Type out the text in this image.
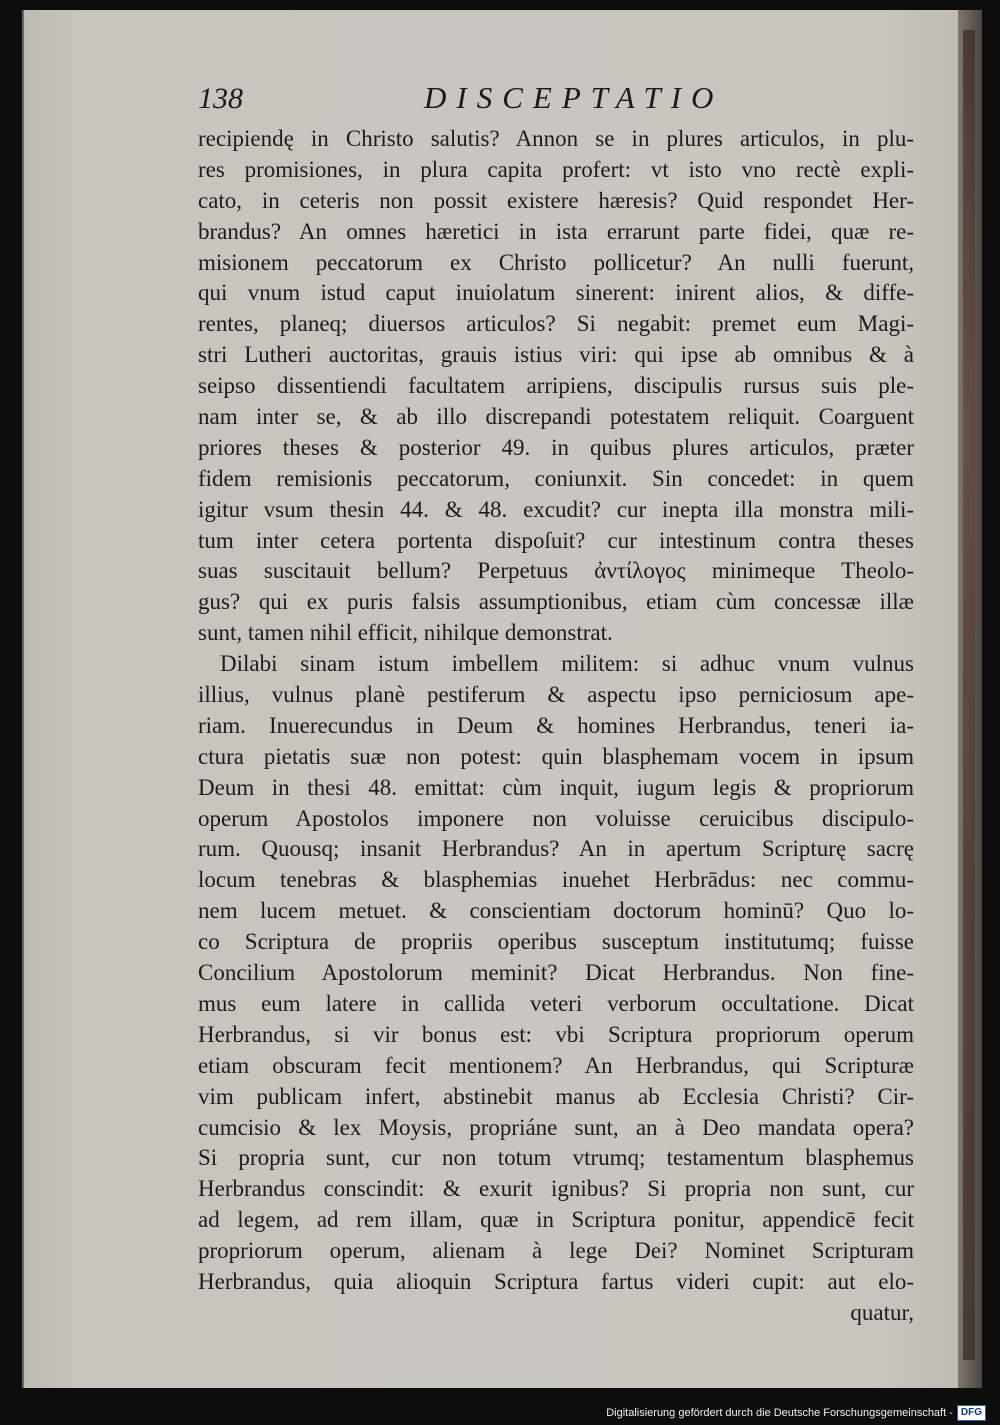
138	DISCEPTATIO
recipiendę in Christo salutis? Annon se in plures articulos, in plu-
res promisiones, in plura capita profert: vt isto vno rectè expli-
cato, in ceteris non possit existere hæresis? Quid respondet Her-
brandus? An omnes hæretici in ista errarunt parte fidei, quæ re-
misionem peccatorum ex Christo pollicetur? An nulli fuerunt,
qui vnum istud caput inuiolatum sinerent: inirent alios, & diffe-
rentes, planeq; diuersos articulos? Si negabit: premet eum Magi-
stri Lutheri auctoritas, grauis istius viri: qui ipse ab omnibus & à
seipso dissentiendi facultatem arripiens, discipulis rursus suis ple-
nam inter se, & ab illo discrepandi potestatem reliquit. Coarguent
priores theses & posterior 49. in quibus plures articulos, præter
fidem remisionis peccatorum, coniunxit. Sin concedet: in quem
igitur vsum thesin 44. & 48. excudit? cur inepta illa monstra mili-
tum inter cetera portenta dispoſuit? cur intestinum contra theses
suas suscitauit bellum? Perpetuus ἀντίλογος minimeque Theolo-
gus? qui ex puris falsis assumptionibus, etiam cùm concessæ illæ
sunt, tamen nihil efficit, nihilque demonstrat.
Dilabi sinam istum imbellem militem: si adhuc vnum vulnus
illius, vulnus planè pestiferum & aspectu ipso perniciosum ape-
riam. Inuerecundus in Deum & homines Herbrandus, teneri ia-
ctura pietatis suæ non potest: quin blasphemam vocem in ipsum
Deum in thesi 48. emittat: cùm inquit, iugum legis & propriorum
operum Apostolos imponere non voluisse ceruicibus discipulo-
rum. Quousq; insanit Herbrandus? An in apertum Scripturę sacrę
locum tenebras & blasphemias inuehet Herbrādus: nec commu-
nem lucem metuet. & conscientiam doctorum hominū? Quo lo-
co Scriptura de propriis operibus susceptum institutumq; fuisse
Concilium Apostolorum meminit? Dicat Herbrandus. Non fine-
mus eum latere in callida veteri verborum occultatione. Dicat
Herbrandus, si vir bonus est: vbi Scriptura propriorum operum
etiam obscuram fecit mentionem? An Herbrandus, qui Scripturæ
vim publicam infert, abstinebit manus ab Ecclesia Christi? Cir-
cumcisio & lex Moysis, propriáne sunt, an à Deo mandata opera?
Si propria sunt, cur non totum vtrumq; testamentum blasphemus
Herbrandus conscindit: & exurit ignibus? Si propria non sunt, cur
ad legem, ad rem illam, quæ in Scriptura ponitur, appendicē fecit
propriorum operum, alienam à lege Dei? Nominet Scripturam
Herbrandus, quia alioquin Scriptura fartus videri cupit: aut elo-
quatur,
Digitalisierung gefördert durch die Deutsche Forschungsgemeinschaft - DFG
